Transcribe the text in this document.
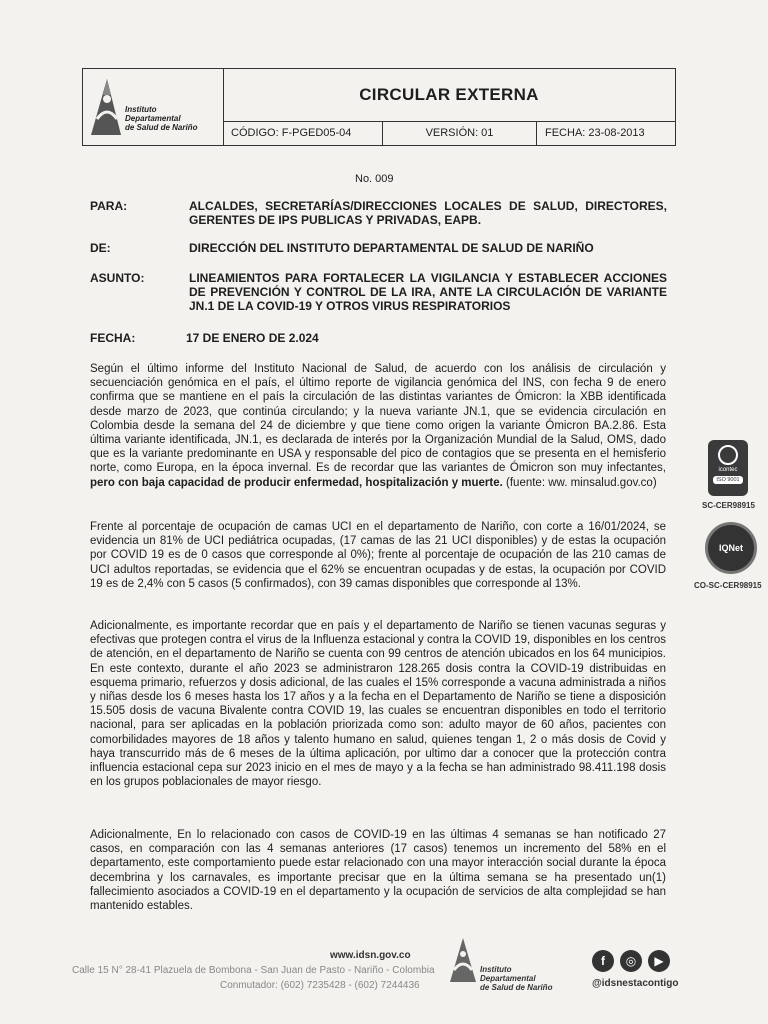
Instituto
Departamental
de Salud de Nariño
CIRCULAR EXTERNA
CÓDIGO: F-PGED05-04	VERSIÓN: 01	FECHA: 23-08-2013
No. 009
PARA:	ALCALDES, SECRETARÍAS/DIRECCIONES LOCALES DE SALUD, DIRECTORES, GERENTES DE IPS PUBLICAS Y PRIVADAS, EAPB.
DE:	DIRECCIÓN DEL INSTITUTO DEPARTAMENTAL DE SALUD DE NARIÑO
ASUNTO:	LINEAMIENTOS PARA FORTALECER LA VIGILANCIA Y ESTABLECER ACCIONES DE PREVENCIÓN Y CONTROL DE LA IRA, ANTE LA CIRCULACIÓN DE VARIANTE JN.1 DE LA COVID-19 Y OTROS VIRUS RESPIRATORIOS
FECHA:	17 DE ENERO DE 2.024
Según el último informe del Instituto Nacional de Salud, de acuerdo con los análisis de circulación y secuenciación genómica en el país, el último reporte de vigilancia genómica del INS, con fecha 9 de enero confirma que se mantiene en el país la circulación de las distintas variantes de Ómicron: la XBB identificada desde marzo de 2023, que continúa circulando; y la nueva variante JN.1, que se evidencia circulación en Colombia desde la semana del 24 de diciembre y que tiene como origen la variante Ómicron BA.2.86. Esta última variante identificada, JN.1, es declarada de interés por la Organización Mundial de la Salud, OMS, dado que es la variante predominante en USA y responsable del pico de contagios que se presenta en el hemisferio norte, como Europa, en la época invernal. Es de recordar que las variantes de Ómicron son muy infectantes, pero con baja capacidad de producir enfermedad, hospitalización y muerte. (fuente: ww. minsalud.gov.co)
Frente al porcentaje de ocupación de camas UCI en el departamento de Nariño, con corte a 16/01/2024, se evidencia un 81% de UCI pediátrica ocupadas, (17 camas de las 21 UCI disponibles) y de estas la ocupación por COVID 19 es de 0 casos que corresponde al 0%); frente al porcentaje de ocupación de las 210 camas de UCI adultos reportadas, se evidencia que el 62% se encuentran ocupadas y de estas, la ocupación por COVID 19 es de 2,4% con 5 casos (5 confirmados), con 39 camas disponibles que corresponde al 13%.
Adicionalmente, es importante recordar que en país y el departamento de Nariño se tienen vacunas seguras y efectivas que protegen contra el virus de la Influenza estacional y contra la COVID 19, disponibles en los centros de atención, en el departamento de Nariño se cuenta con 99 centros de atención ubicados en los 64 municipios. En este contexto, durante el año 2023 se administraron 128.265 dosis contra la COVID-19 distribuidas en esquema primario, refuerzos y dosis adicional, de las cuales el 15% corresponde a vacuna administrada a niños y niñas desde los 6 meses hasta los 17 años y a la fecha en el Departamento de Nariño se tiene a disposición 15.505 dosis de vacuna Bivalente contra COVID 19, las cuales se encuentran disponibles en todo el territorio nacional, para ser aplicadas en la población priorizada como son: adulto mayor de 60 años, pacientes con comorbilidades mayores de 18 años y talento humano en salud, quienes tengan 1, 2 o más dosis de Covid y haya transcurrido más de 6 meses de la última aplicación, por ultimo dar a conocer que la protección contra influencia estacional cepa sur 2023 inicio en el mes de mayo y a la fecha se han administrado 98.411.198 dosis en los grupos poblacionales de mayor riesgo.
Adicionalmente, En lo relacionado con casos de COVID-19 en las últimas 4 semanas se han notificado 27 casos, en comparación con las 4 semanas anteriores (17 casos) tenemos un incremento del 58% en el departamento, este comportamiento puede estar relacionado con una mayor interacción social durante la época decembrina y los carnavales, es importante precisar que en la última semana se ha presentado un(1) fallecimiento asociados a COVID-19 en el departamento y la ocupación de servicios de alta complejidad se han mantenido estables.
icontec
ISO 9001
SC-CER98915
IQNet
CO-SC-CER98915
www.idsn.gov.co
Calle 15 N° 28-41 Plazuela de Bombona - San Juan de Pasto - Nariño - Colombia
Conmutador: (602) 7235428 - (602) 7244436
Instituto
Departamental
de Salud de Nariño
f	◎	▶
@idsnestacontigo
